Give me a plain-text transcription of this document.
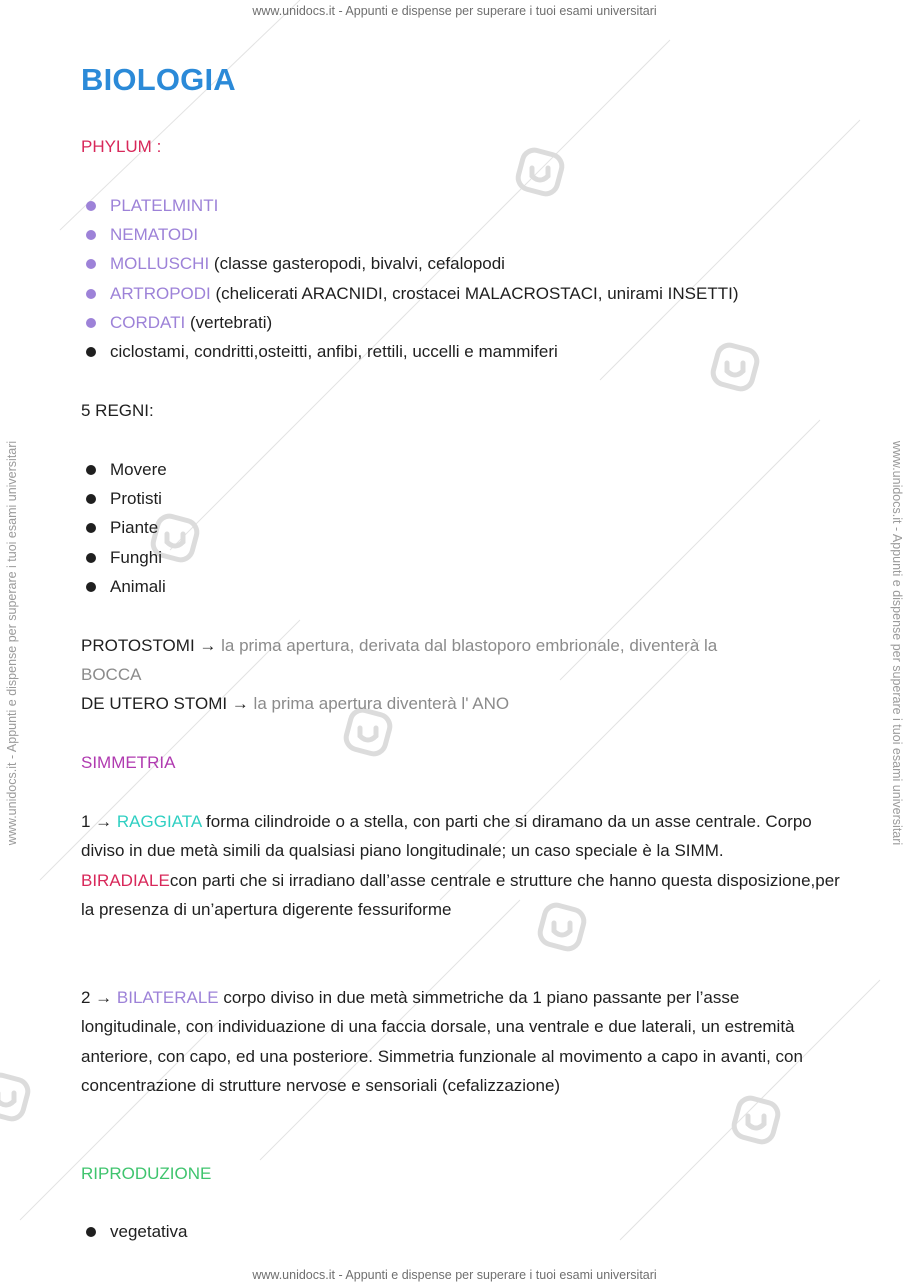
www.unidocs.it - Appunti e dispense per superare i tuoi esami universitari
www.unidocs.it - Appunti e dispense per superare i tuoi esami universitari
www.unidocs.it - Appunti e dispense per superare i tuoi esami universitari	www.unidocs.it - Appunti e dispense per superare i tuoi esami universitari
BIOLOGIA
PHYLUM :
PLATELMINTI
NEMATODI
MOLLUSCHI (classe gasteropodi, bivalvi, cefalopodi
ARTROPODI (chelicerati ARACNIDI, crostacei MALACROSTACI, unirami INSETTI)
CORDATI (vertebrati)
ciclostami, condritti,osteitti, anfibi, rettili, uccelli e mammiferi
5 REGNI:
Movere
Protisti
Piante
Funghi
Animali
PROTOSTOMI → la prima apertura, derivata dal blastoporo embrionale, diventerà la
BOCCA
DE UTERO STOMI → la prima apertura diventerà l' ANO
SIMMETRIA

1 → RAGGIATA forma cilindroide o a stella, con parti che si diramano da un asse centrale. Corpo diviso in due metà simili da qualsiasi piano longitudinale; un caso speciale è la SIMM. BIRADIALEcon parti che si irradiano dall’asse centrale e strutture che hanno questa disposizione,per la presenza di un’apertura digerente fessuriforme

2 → BILATERALE corpo diviso in due metà simmetriche da 1 piano passante per l’asse longitudinale, con individuazione di una faccia dorsale, una ventrale e due laterali, un estremità anteriore, con capo, ed una posteriore. Simmetria funzionale al movimento a capo in avanti, con concentrazione di strutture nervose e sensoriali (cefalizzazione)

RIPRODUZIONE
vegetativa
